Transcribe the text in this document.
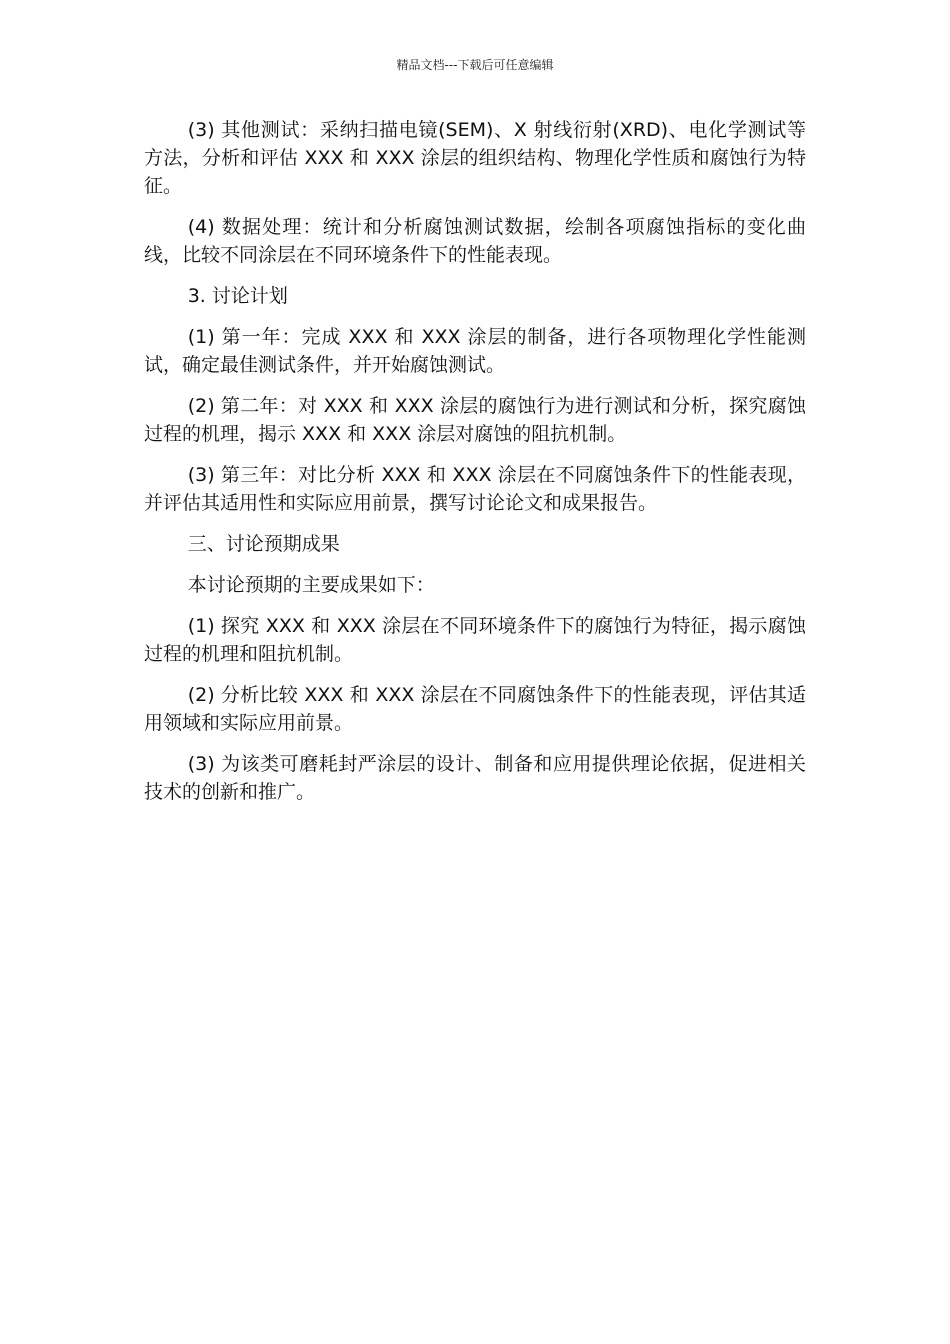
精品文档---下载后可任意编辑

(3) 其他测试：采纳扫描电镜(SEM)、X 射线衍射(XRD)、电化学测试等方法，分析和评估 XXX 和 XXX 涂层的组织结构、物理化学性质和腐蚀行为特征。

(4) 数据处理：统计和分析腐蚀测试数据，绘制各项腐蚀指标的变化曲线，比较不同涂层在不同环境条件下的性能表现。

3. 讨论计划

(1) 第一年：完成 XXX 和 XXX 涂层的制备，进行各项物理化学性能测试，确定最佳测试条件，并开始腐蚀测试。

(2) 第二年：对 XXX 和 XXX 涂层的腐蚀行为进行测试和分析，探究腐蚀过程的机理，揭示 XXX 和 XXX 涂层对腐蚀的阻抗机制。

(3) 第三年：对比分析 XXX 和 XXX 涂层在不同腐蚀条件下的性能表现，并评估其适用性和实际应用前景，撰写讨论论文和成果报告。

三、讨论预期成果

本讨论预期的主要成果如下：

(1) 探究 XXX 和 XXX 涂层在不同环境条件下的腐蚀行为特征，揭示腐蚀过程的机理和阻抗机制。

(2) 分析比较 XXX 和 XXX 涂层在不同腐蚀条件下的性能表现，评估其适用领域和实际应用前景。

(3) 为该类可磨耗封严涂层的设计、制备和应用提供理论依据，促进相关技术的创新和推广。
